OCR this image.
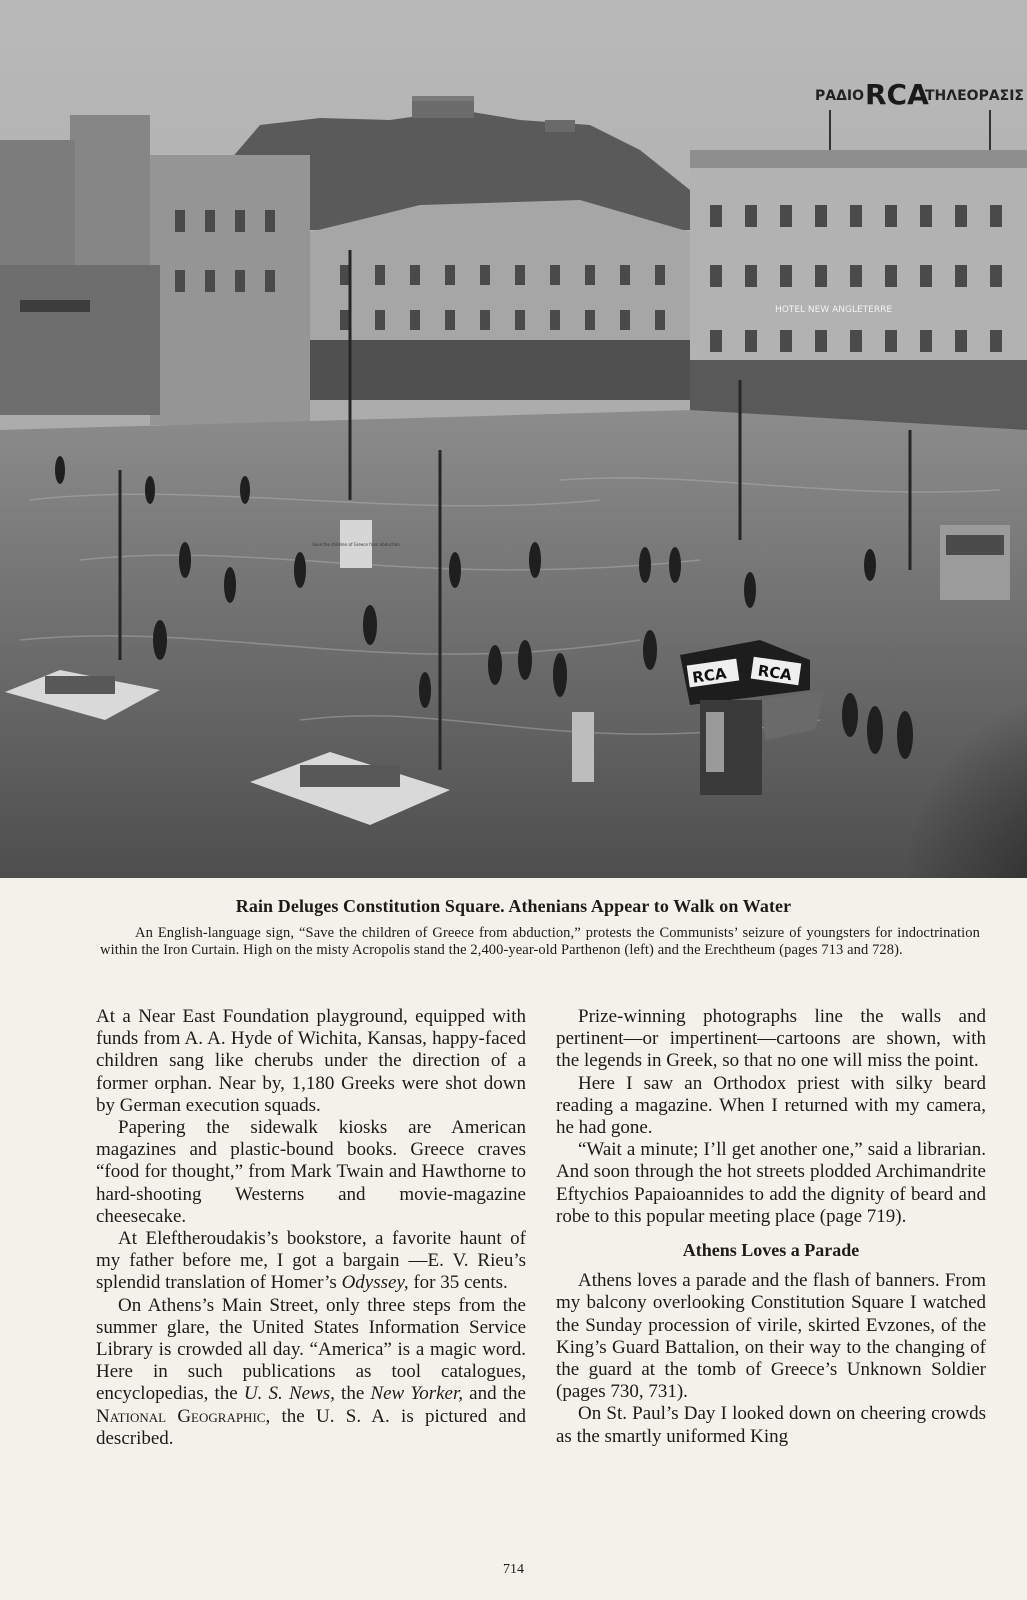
ΡΑΔΙΟ RCA
ΤΗΛΕΟΡΑΣΙΣ
HOTEL NEW ANGLETERRE
Save the children of Greece from abduction
RCA RCA
Rain Deluges Constitution Square. Athenians Appear to Walk on Water
An English-language sign, “Save the children of Greece from abduction,” protests the Communists’ seizure of youngsters for indoctrination within the Iron Curtain. High on the misty Acropolis stand the 2,400-year-old Parthenon (left) and the Erechtheum (pages 713 and 728).

At a Near East Foundation playground, equipped with funds from A. A. Hyde of Wichita, Kansas, happy-faced children sang like cherubs under the direction of a former orphan. Near by, 1,180 Greeks were shot down by German execution squads.

Papering the sidewalk kiosks are American magazines and plastic-bound books. Greece craves “food for thought,” from Mark Twain and Hawthorne to hard-shooting Westerns and movie-magazine cheesecake.

At Eleftheroudakis’s bookstore, a favorite haunt of my father before me, I got a bargain —E. V. Rieu’s splendid translation of Homer’s Odyssey, for 35 cents.

On Athens’s Main Street, only three steps from the summer glare, the United States Information Service Library is crowded all day. “America” is a magic word. Here in such publications as tool catalogues, encyclopedias, the U. S. News, the New Yorker, and the National Geographic, the U. S. A. is pictured and described.

Prize-winning photographs line the walls and pertinent—or impertinent—cartoons are shown, with the legends in Greek, so that no one will miss the point.

Here I saw an Orthodox priest with silky beard reading a magazine. When I returned with my camera, he had gone.

“Wait a minute; I’ll get another one,” said a librarian. And soon through the hot streets plodded Archimandrite Eftychios Papaioannides to add the dignity of beard and robe to this popular meeting place (page 719).

Athens Loves a Parade

Athens loves a parade and the flash of banners. From my balcony overlooking Constitution Square I watched the Sunday procession of virile, skirted Evzones, of the King’s Guard Battalion, on their way to the changing of the guard at the tomb of Greece’s Unknown Soldier (pages 730, 731).

On St. Paul’s Day I looked down on cheering crowds as the smartly uniformed King

714
